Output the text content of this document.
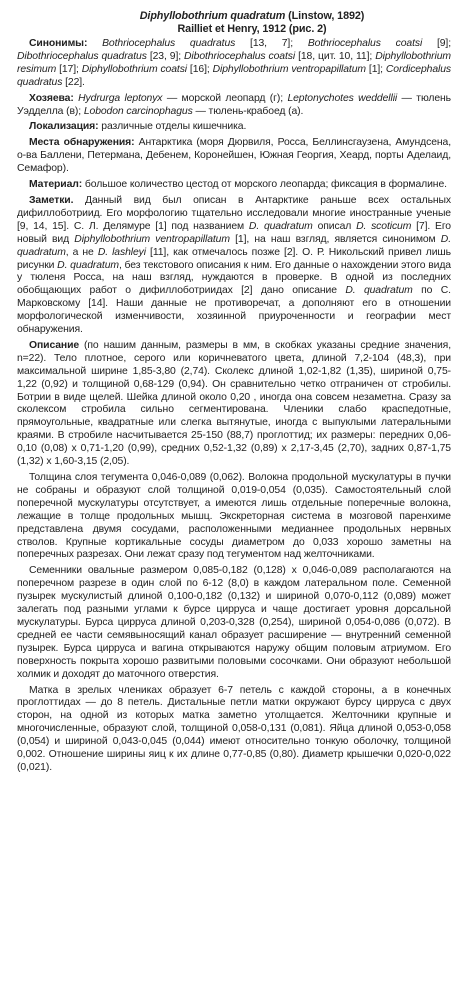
Diphyllobothrium quadratum (Linstow, 1892)
Railliet et Henry, 1912 (рис. 2)

Синонимы: Bothriocephalus quadratus [13, 7]; Bothriocephalus coatsi [9]; Dibothriocephalus quadratus [23, 9]; Dibothriocephalus coatsi [18, цит. 10, 11]; Diphyllobothrium resimum [17]; Diphyllobothrium coatsi [16]; Diphyllobothrium ventropapillatum [1]; Cordicephalus quadratus [22].

Хозяева: Hydrurga leptonyx — морской леопард (г); Leptonychotes weddellii — тюлень Уэдделла (в); Lobodon carcinophagus — тюлень-крабоед (а).

Локализация: различные отделы кишечника.

Места обнаружения: Антарктика (моря Дюрвиля, Росса, Беллинсгаузена, Амундсена, о-ва Баллени, Петермана, Дебенем, Коронейшен, Южная Георгия, Хеард, порты Аделаид, Семафор).

Материал: большое количество цестод от морского леопарда; фиксация в формалине.

Заметки. Данный вид был описан в Антарктике раньше всех остальных дифиллоботриид. Его морфологию тщательно исследовали многие иностранные ученые [9, 14, 15]. С. Л. Делямуре [1] под названием D. quadratum описал D. scoticum [7]. Его новый вид Diphyllobothrium ventropapillatum [1], на наш взгляд, является синонимом D. quadratum, а не D. lashleyi [11], как отмечалось позже [2]. О. Р. Никольский привел лишь рисунки D. quadratum, без текстового описания к ним. Его данные о нахождении этого вида у тюленя Росса, на наш взгляд, нуждаются в проверке. В одной из последних обобщающих работ о дифиллоботриидах [2] дано описание D. quadratum по С. Марковскому [14]. Наши данные не противоречат, а дополняют его в отношении морфологической изменчивости, хозяинной приуроченности и географии мест обнаружения.

Описание (по нашим данным, размеры в мм, в скобках указаны средние значения, n=22). Тело плотное, серого или коричневатого цвета, длиной 7,2-104 (48,3), при максимальной ширине 1,85-3,80 (2,74). Сколекс длиной 1,02-1,82 (1,35), шириной 0,75-1,22 (0,92) и толщиной 0,68-129 (0,94). Он сравнительно четко отграничен от стробилы. Ботрии в виде щелей. Шейка длиной около 0,20 , иногда она совсем незаметна. Сразу за сколексом стробила сильно сегментирована. Членики слабо краспедотные, прямоугольные, квадратные или слегка вытянутые, иногда с выпуклыми латеральными краями. В стробиле насчитывается 25-150 (88,7) проглоттид; их размеры: передних 0,06-0,10 (0,08) х 0,71-1,20 (0,99), средних 0,52-1,32 (0,89) х 2,17-3,45 (2,70), задних 0,87-1,75 (1,32) х 1,60-3,15 (2,05).

Толщина слоя тегумента 0,046-0,089 (0,062). Волокна продольной мускулатуры в пучки не собраны и образуют слой толщиной 0,019-0,054 (0,035). Самостоятельный слой поперечной мускулатуры отсутствует, а имеются лишь отдельные поперечные волокна, лежащие в толще продольных мышц. Экскреторная система в мозговой паренхиме представлена двумя сосудами, расположенными медианнее продольных нервных стволов. Крупные кортикальные сосуды диаметром до 0,033 хорошо заметны на поперечных разрезах. Они лежат сразу под тегументом над желточниками.

Семенники овальные размером 0,085-0,182 (0,128) х 0,046-0,089 располагаются на поперечном разрезе в один слой по 6-12 (8,0) в каждом латеральном поле. Семенной пузырек мускулистый длиной 0,100-0,182 (0,132) и шириной 0,070-0,112 (0,089) может залегать под разными углами к бурсе цирруса и чаще достигает уровня дорсальной мускулатуры. Бурса цирруса длиной 0,203-0,328 (0,254), шириной 0,054-0,086 (0,072). В средней ее части семявыносящий канал образует расширение — внутренний семенной пузырек. Бурса цирруса и вагина открываются наружу общим половым атриумом. Его поверхность покрыта хорошо развитыми половыми сосочками. Они образуют небольшой холмик и доходят до маточного отверстия.

Матка в зрелых члениках образует 6-7 петель с каждой стороны, а в конечных проглоттидах — до 8 петель. Дистальные петли матки окружают бурсу цирруса с двух сторон, на одной из которых матка заметно утолщается. Желточники крупные и многочисленные, образуют слой, толщиной 0,058-0,131 (0,081). Яйца длиной 0,053-0,058 (0,054) и шириной 0,043-0,045 (0,044) имеют относительно тонкую оболочку, толщиной 0,002. Отношение ширины яиц к их длине 0,77-0,85 (0,80). Диаметр крышечки 0,020-0,022 (0,021).
